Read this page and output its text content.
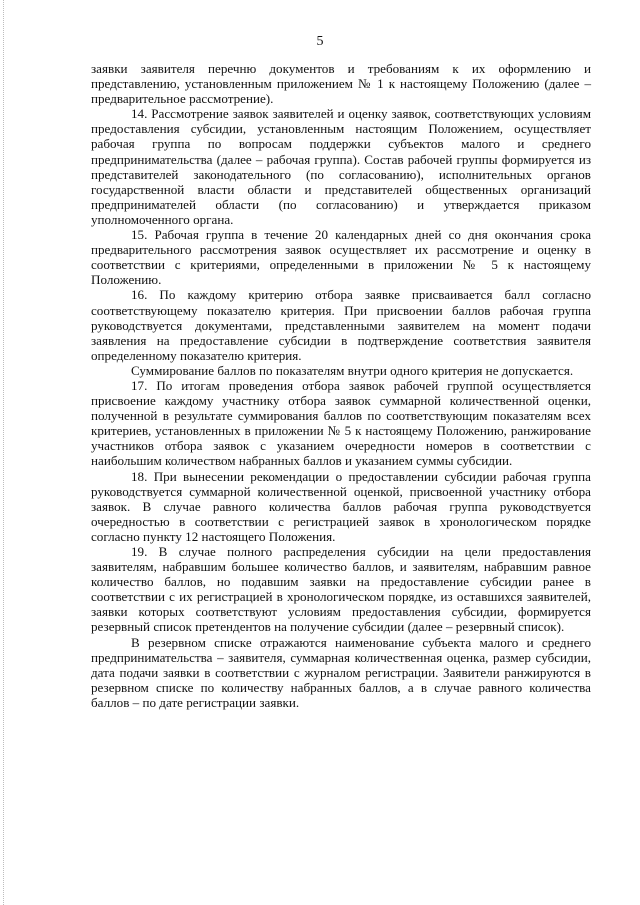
5

заявки заявителя перечню документов и требованиям к их оформлению и представлению, установленным приложением № 1 к настоящему Положению (далее – предварительное рассмотрение).

14. Рассмотрение заявок заявителей и оценку заявок, соответствующих условиям предоставления субсидии, установленным настоящим Положением, осуществляет рабочая группа по вопросам поддержки субъектов малого и среднего предпринимательства (далее – рабочая группа). Состав рабочей группы формируется из представителей законодательного (по согласованию), исполнительных органов государственной власти области и представителей общественных организаций предпринимателей области (по согласованию) и утверждается приказом уполномоченного органа.

15. Рабочая группа в течение 20 календарных дней со дня окончания срока предварительного рассмотрения заявок осуществляет их рассмотрение и оценку в соответствии с критериями, определенными в приложении № 5 к настоящему Положению.

16. По каждому критерию отбора заявке присваивается балл согласно соответствующему показателю критерия. При присвоении баллов рабочая группа руководствуется документами, представленными заявителем на момент подачи заявления на предоставление субсидии в подтверждение соответствия заявителя определенному показателю критерия.

Суммирование баллов по показателям внутри одного критерия не допускается.

17. По итогам проведения отбора заявок рабочей группой осуществляется присвоение каждому участнику отбора заявок суммарной количественной оценки, полученной в результате суммирования баллов по соответствующим показателям всех критериев, установленных в приложении № 5 к настоящему Положению, ранжирование участников отбора заявок с указанием очередности номеров в соответствии с наибольшим количеством набранных баллов и указанием суммы субсидии.

18. При вынесении рекомендации о предоставлении субсидии рабочая группа руководствуется суммарной количественной оценкой, присвоенной участнику отбора заявок. В случае равного количества баллов рабочая группа руководствуется очередностью в соответствии с регистрацией заявок в хронологическом порядке согласно пункту 12 настоящего Положения.

19. В случае полного распределения субсидии на цели предоставления заявителям, набравшим большее количество баллов, и заявителям, набравшим равное количество баллов, но подавшим заявки на предоставление субсидии ранее в соответствии с их регистрацией в хронологическом порядке, из оставшихся заявителей, заявки которых соответствуют условиям предоставления субсидии, формируется резервный список претендентов на получение субсидии (далее – резервный список).

В резервном списке отражаются наименование субъекта малого и среднего предпринимательства – заявителя, суммарная количественная оценка, размер субсидии, дата подачи заявки в соответствии с журналом регистрации. Заявители ранжируются в резервном списке по количеству набранных баллов, а в случае равного количества баллов – по дате регистрации заявки.
